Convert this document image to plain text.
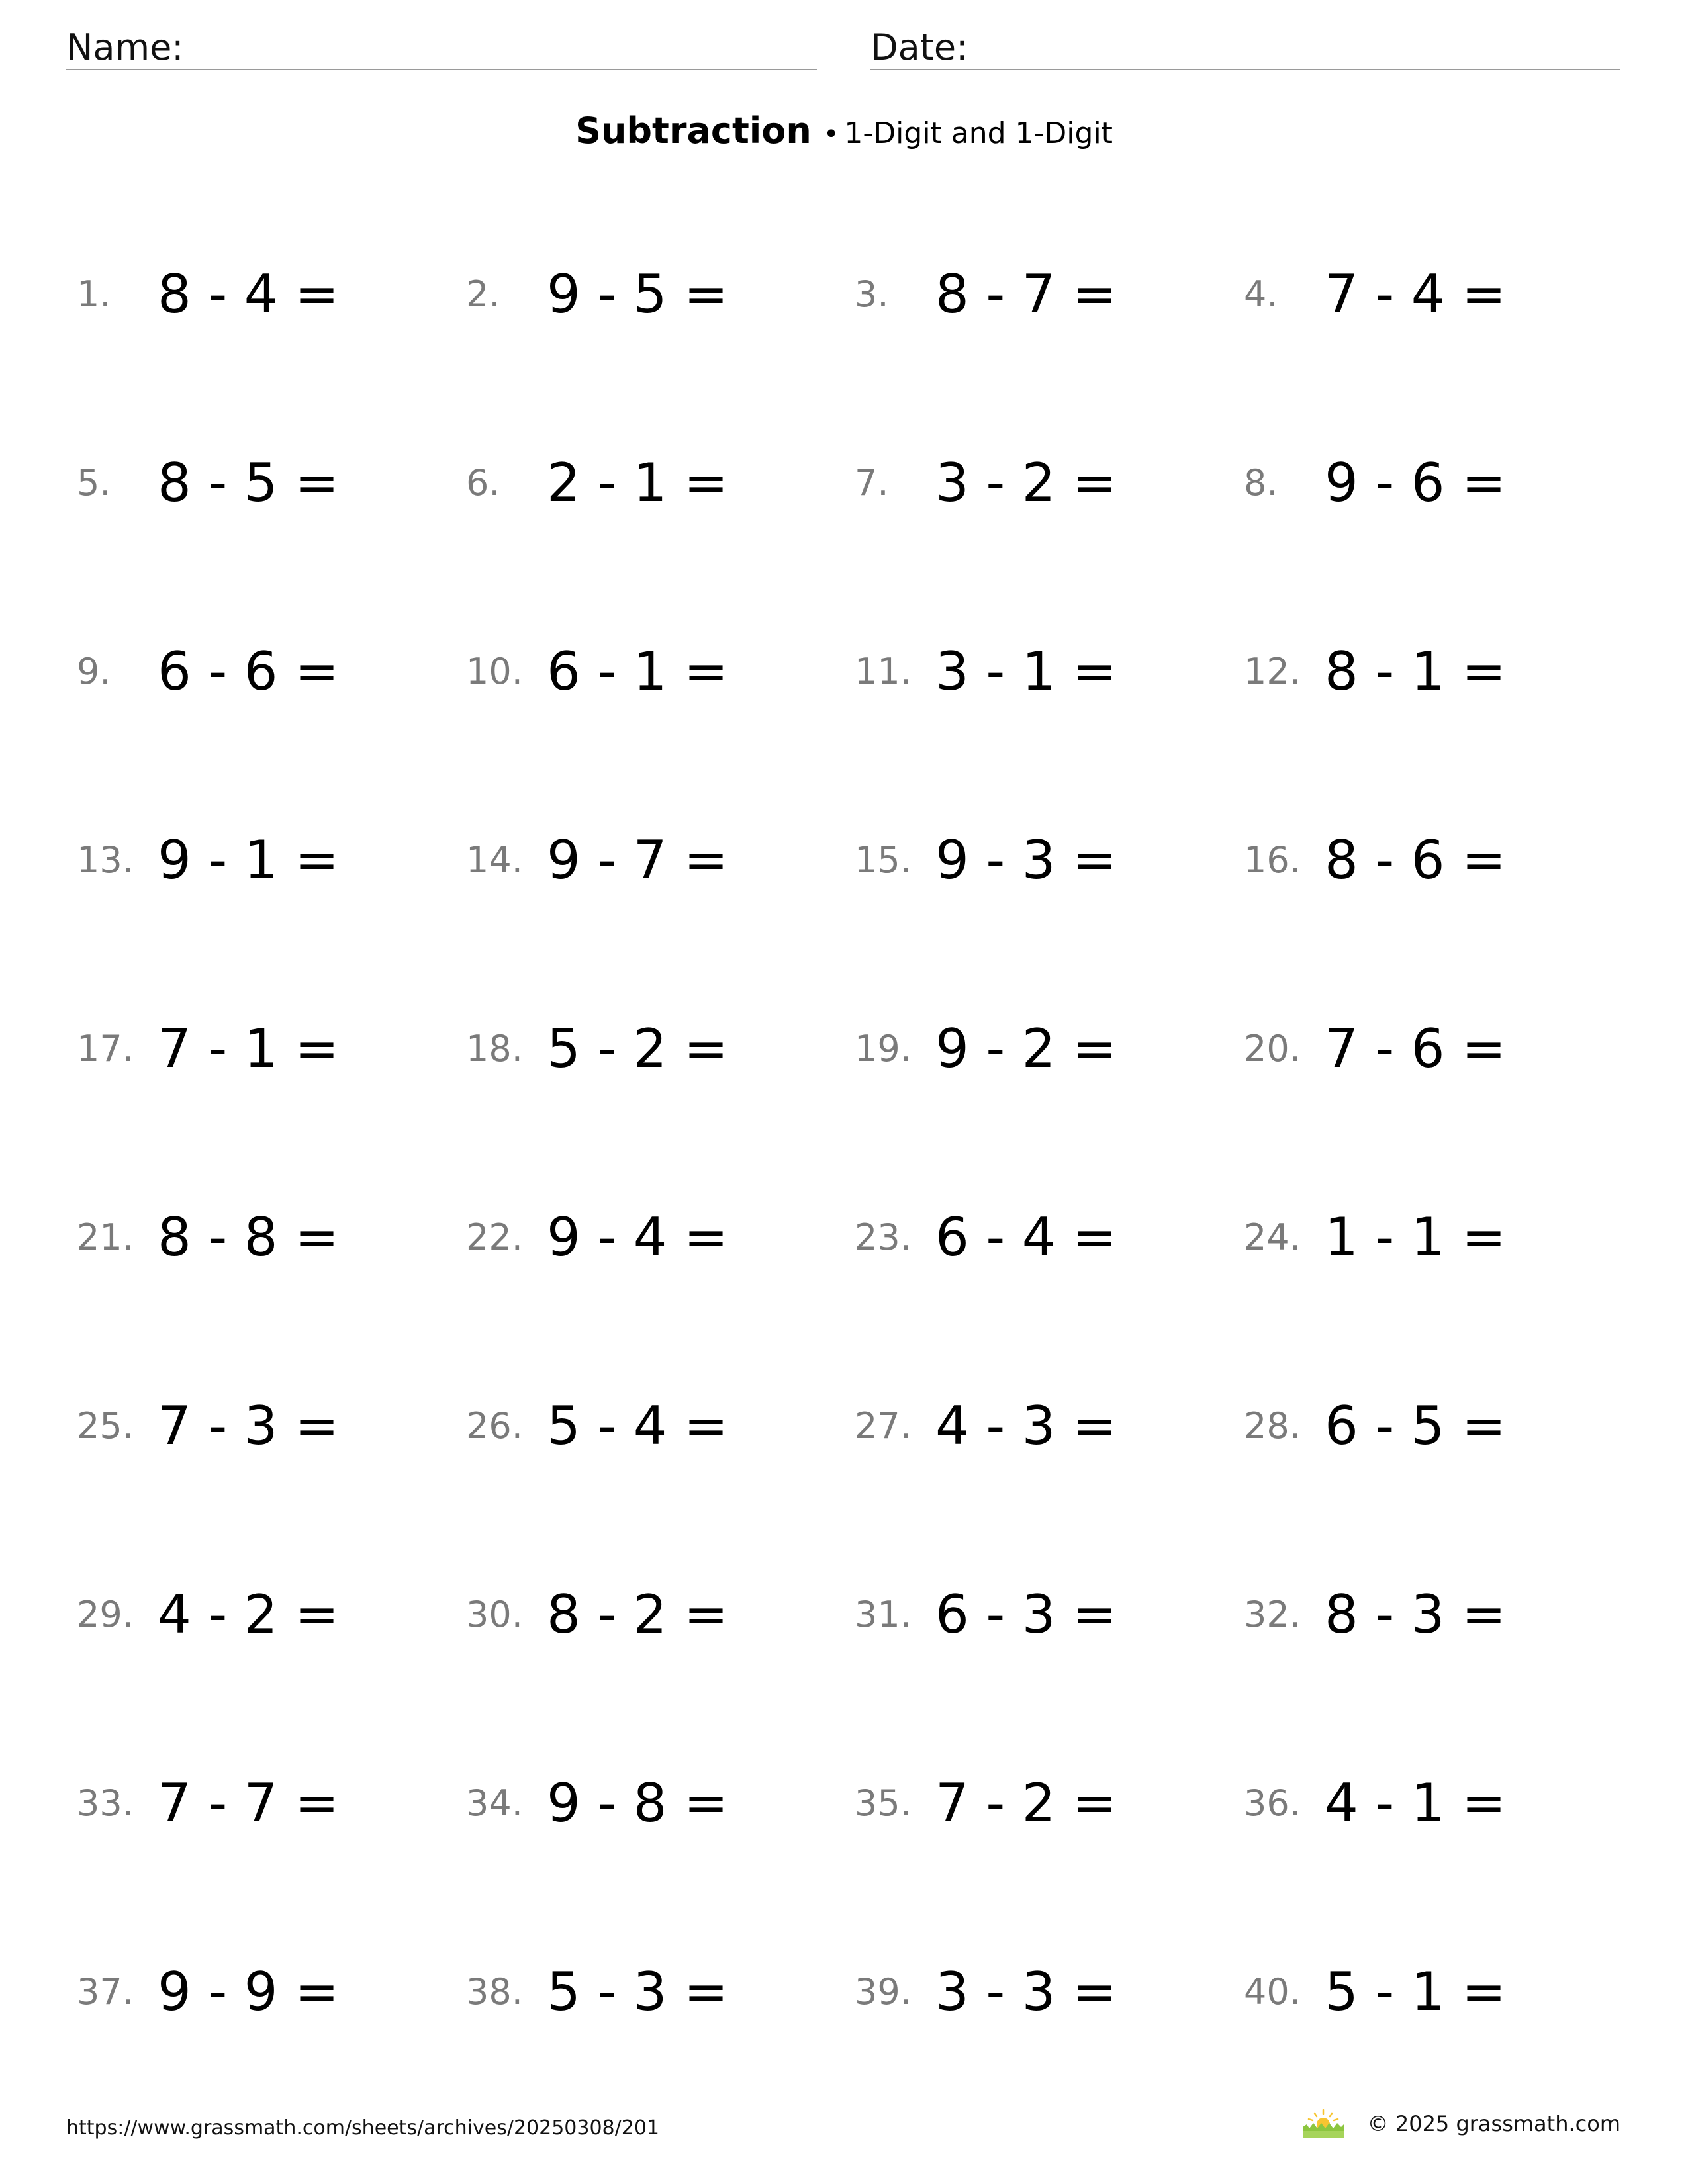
Name:	Date:
Subtraction • 1-Digit and 1-Digit
1. 8 - 4 =	2. 9 - 5 =	3. 8 - 7 =	4. 7 - 4 =
5. 8 - 5 =	6. 2 - 1 =	7. 3 - 2 =	8. 9 - 6 =
9. 6 - 6 =	10. 6 - 1 =	11. 3 - 1 =	12. 8 - 1 =
13. 9 - 1 =	14. 9 - 7 =	15. 9 - 3 =	16. 8 - 6 =
17. 7 - 1 =	18. 5 - 2 =	19. 9 - 2 =	20. 7 - 6 =
21. 8 - 8 =	22. 9 - 4 =	23. 6 - 4 =	24. 1 - 1 =
25. 7 - 3 =	26. 5 - 4 =	27. 4 - 3 =	28. 6 - 5 =
29. 4 - 2 =	30. 8 - 2 =	31. 6 - 3 =	32. 8 - 3 =
33. 7 - 7 =	34. 9 - 8 =	35. 7 - 2 =	36. 4 - 1 =
37. 9 - 9 =	38. 5 - 3 =	39. 3 - 3 =	40. 5 - 1 =
https://www.grassmath.com/sheets/archives/20250308/201	© 2025 grassmath.com
